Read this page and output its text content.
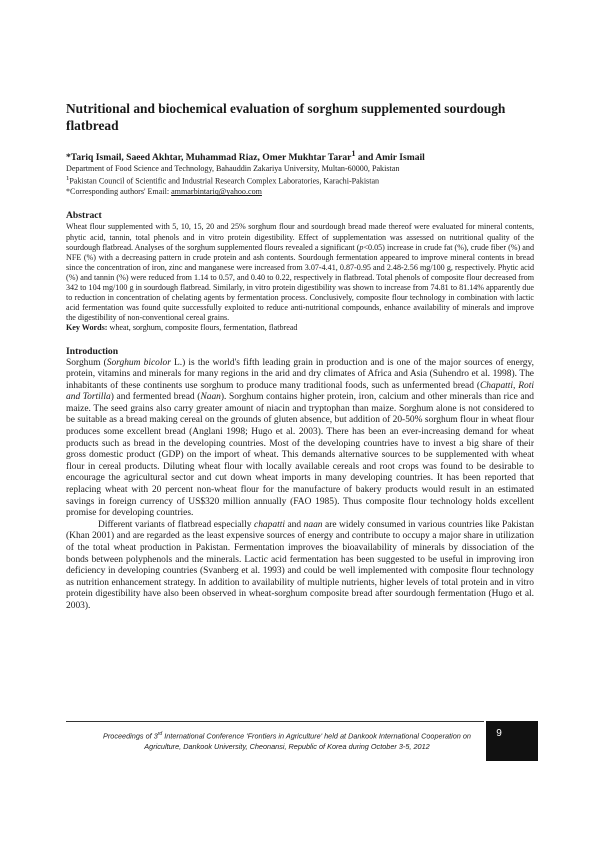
Nutritional and biochemical evaluation of sorghum supplemented sourdough flatbread

*Tariq Ismail, Saeed Akhtar, Muhammad Riaz, Omer Mukhtar Tarar$^1$ and Amir Ismail

Department of Food Science and Technology, Bahauddin Zakariya University, Multan-60000, Pakistan

$^1$Pakistan Council of Scientific and Industrial Research Complex Laboratories, Karachi-Pakistan

*Corresponding authors' Email: ammarbintariq@yahoo.com

Abstract

Wheat flour supplemented with 5, 10, 15, 20 and 25% sorghum flour and sourdough bread made thereof were evaluated for mineral contents, phytic acid, tannin, total phenols and in vitro protein digestibility. Effect of supplementation was assessed on nutritional quality of the sourdough flatbread. Analyses of the sorghum supplemented flours revealed a significant (p<0.05) increase in crude fat (%), crude fiber (%) and NFE (%) with a decreasing pattern in crude protein and ash contents. Sourdough fermentation appeared to improve mineral contents in bread since the concentration of iron, zinc and manganese were increased from 3.07-4.41, 0.87-0.95 and 2.48-2.56 mg/100 g, respectively. Phytic acid (%) and tannin (%) were reduced from 1.14 to 0.57, and 0.40 to 0.22, respectively in flatbread. Total phenols of composite flour decreased from 342 to 104 mg/100 g in sourdough flatbread. Similarly, in vitro protein digestibility was shown to increase from 74.81 to 81.14% apparently due to reduction in concentration of chelating agents by fermentation process. Conclusively, composite flour technology in combination with lactic acid fermentation was found quite successfully exploited to reduce anti-nutritional compounds, enhance availability of minerals and improve the digestibility of non-conventional cereal grains.

Key Words: wheat, sorghum, composite flours, fermentation, flatbread

Introduction

Sorghum (Sorghum bicolor L.) is the world's fifth leading grain in production and is one of the major sources of energy, protein, vitamins and minerals for many regions in the arid and dry climates of Africa and Asia (Suhendro et al. 1998). The inhabitants of these continents use sorghum to produce many traditional foods, such as unfermented bread (Chapatti, Roti and Tortilla) and fermented bread (Naan). Sorghum contains higher protein, iron, calcium and other minerals than rice and maize. The seed grains also carry greater amount of niacin and tryptophan than maize. Sorghum alone is not considered to be suitable as a bread making cereal on the grounds of gluten absence, but addition of 20-50% sorghum flour in wheat flour produces some excellent bread (Anglani 1998; Hugo et al. 2003). There has been an ever-increasing demand for wheat products such as bread in the developing countries. Most of the developing countries have to invest a big share of their gross domestic product (GDP) on the import of wheat. This demands alternative sources to be supplemented with wheat flour in cereal products. Diluting wheat flour with locally available cereals and root crops was found to be desirable to encourage the agricultural sector and cut down wheat imports in many developing countries. It has been reported that replacing wheat with 20 percent non-wheat flour for the manufacture of bakery products would result in an estimated savings in foreign currency of US$320 million annually (FAO 1985). Thus composite flour technology holds excellent promise for developing countries.

Different variants of flatbread especially chapatti and naan are widely consumed in various countries like Pakistan (Khan 2001) and are regarded as the least expensive sources of energy and contribute to occupy a major share in utilization of the total wheat production in Pakistan. Fermentation improves the bioavailability of minerals by dissociation of the bonds between polyphenols and the minerals. Lactic acid fermentation has been suggested to be useful in improving iron deficiency in developing countries (Svanberg et al. 1993) and could be well implemented with composite flour technology as nutrition enhancement strategy. In addition to availability of multiple nutrients, higher levels of total protein and in vitro protein digestibility have also been observed in wheat-sorghum composite bread after sourdough fermentation (Hugo et al. 2003).

Proceedings of 3rd International Conference 'Frontiers in Agriculture' held at Dankook International Cooperation on Agriculture, Dankook University, Cheonansi, Republic of Korea during October 3-5, 2012
9
